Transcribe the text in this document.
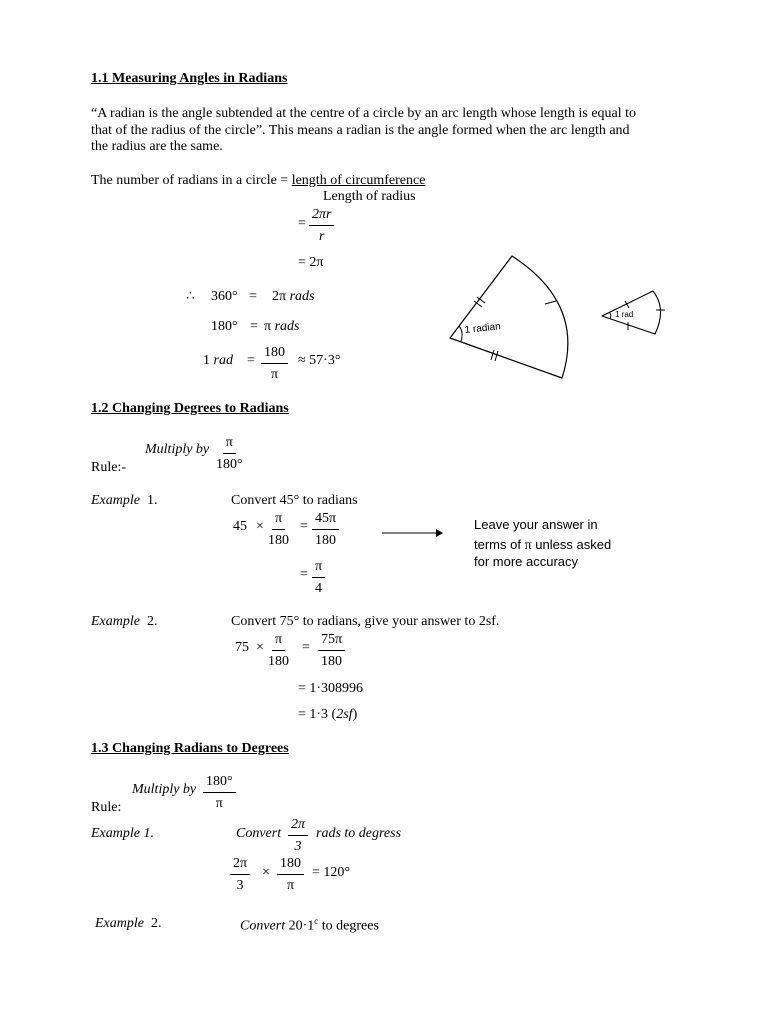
1.1 Measuring Angles in Radians
“A radian is the angle subtended at the centre of a circle by an arc length whose length is equal to
that of the radius of the circle”. This means a radian is the angle formed when the arc length and
the radius are the same.
The number of radians in a circle = length of circumference
Length of radius
= $\frac{2\pi r}{r}$
= 2π
∴ 360° = 2π rads
180° = π rads
1 rad = $\frac{180}{\pi} \approx 57\cdot 3^\circ$
1 radian
1 rad
1.2 Changing Degrees to Radians
Multiply by $\frac{\pi}{180^\circ}$
Rule:-
Example 1.	Convert 45° to radians
$45 \times \frac{\pi}{180} = \frac{45\pi}{180}$
= $\frac{\pi}{4}$
Leave your answer in
terms of π unless asked
for more accuracy
Example 2.	Convert 75° to radians, give your answer to 2sf.
$75 \times \frac{\pi}{180} = \frac{75\pi}{180}$
= 1·308996
= 1·3 (2sf)
1.3 Changing Radians to Degrees
Multiply by $\frac{180^\circ}{\pi}$
Rule:
Example 1.	Convert $\frac{2\pi}{3}$ rads to degress
$\frac{2\pi}{3} \times \frac{180}{\pi} = 120^\circ$
Example 2.	Convert $20\cdot 1^c$ to degrees
